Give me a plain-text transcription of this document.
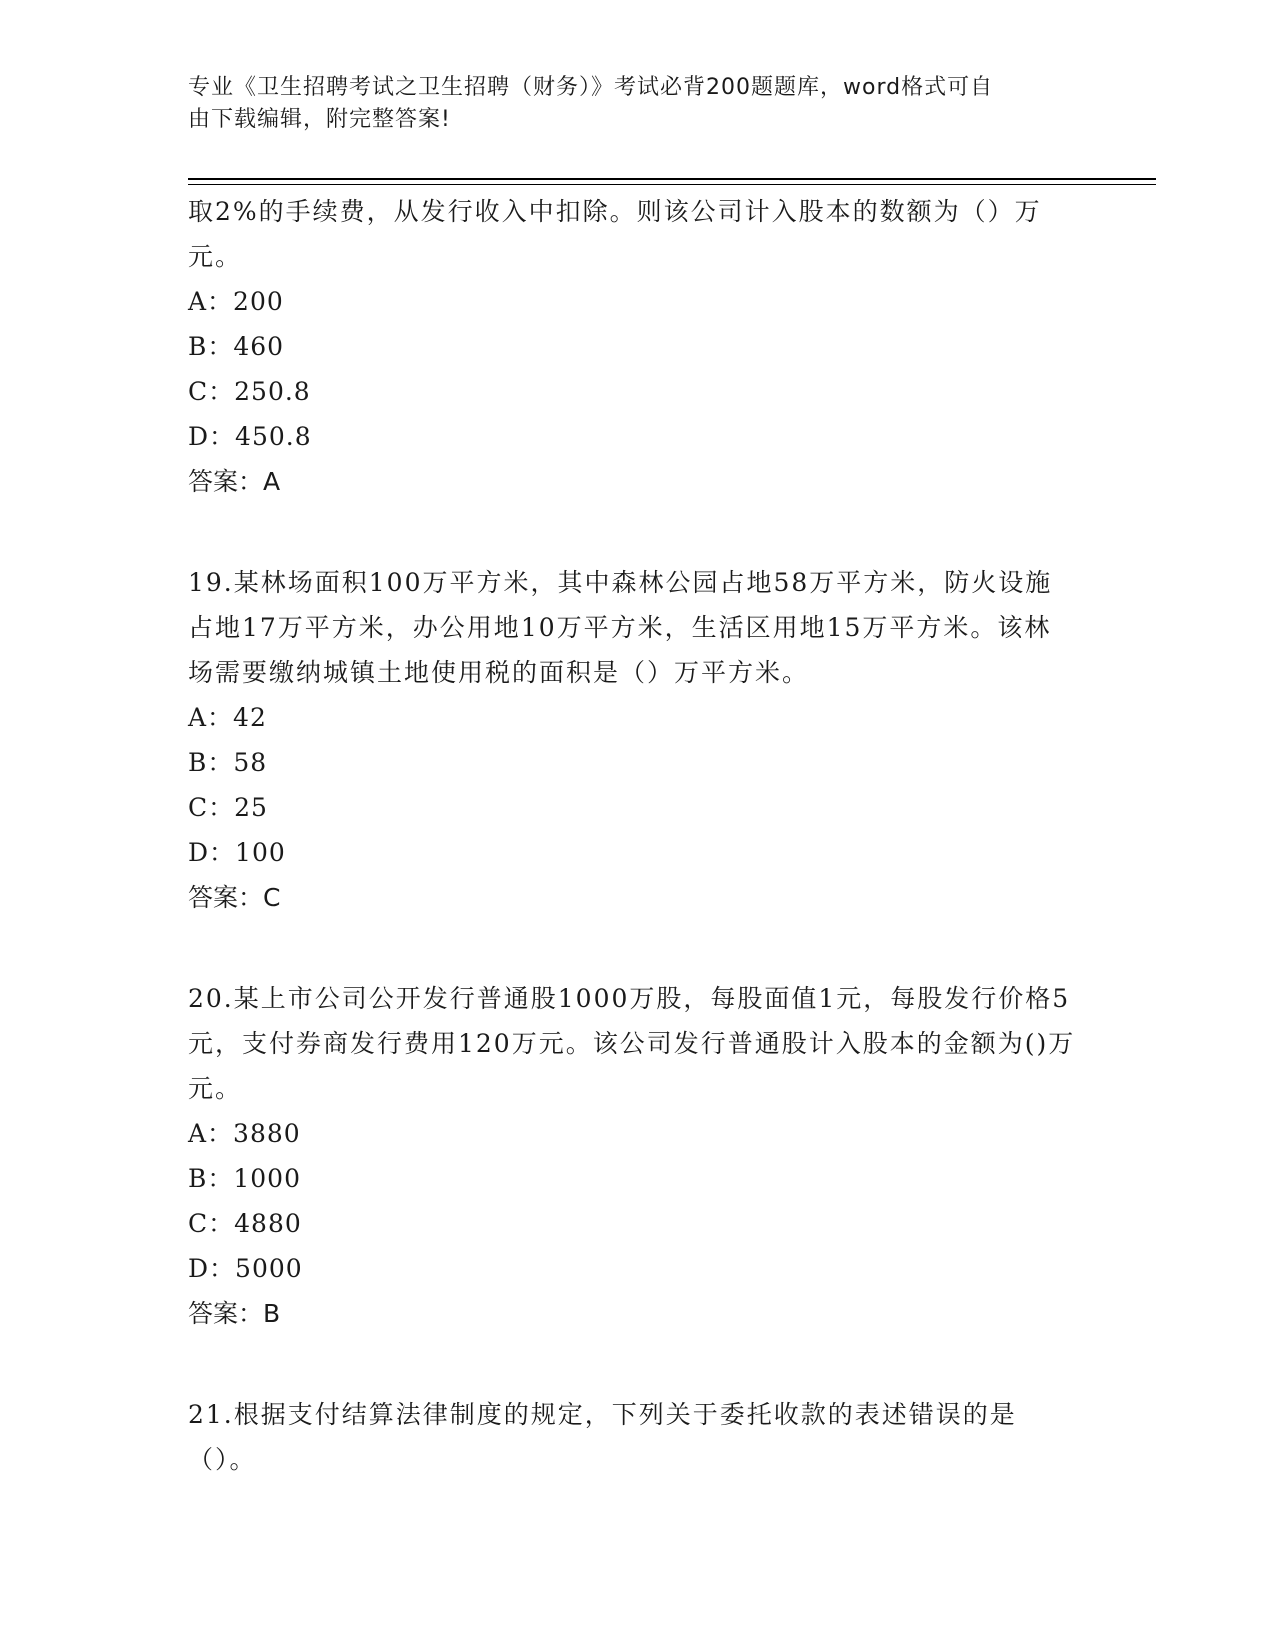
专业《卫生招聘考试之卫生招聘（财务）》考试必背200题题库，word格式可自
由下载编辑，附完整答案!

取2%的手续费，从发行收入中扣除。则该公司计入股本的数额为（）万元。

A：200

B：460

C：250.8

D：450.8

答案：A

19.某林场面积100万平方米，其中森林公园占地58万平方米，防火设施占地17万平方米，办公用地10万平方米，生活区用地15万平方米。该林场需要缴纳城镇土地使用税的面积是（）万平方米。

A：42

B：58

C：25

D：100

答案：C

20.某上市公司公开发行普通股1000万股，每股面值1元，每股发行价格5元，支付券商发行费用120万元。该公司发行普通股计入股本的金额为()万元。

A：3880

B：1000

C：4880

D：5000

答案：B

21.根据支付结算法律制度的规定，下列关于委托收款的表述错误的是（）。
